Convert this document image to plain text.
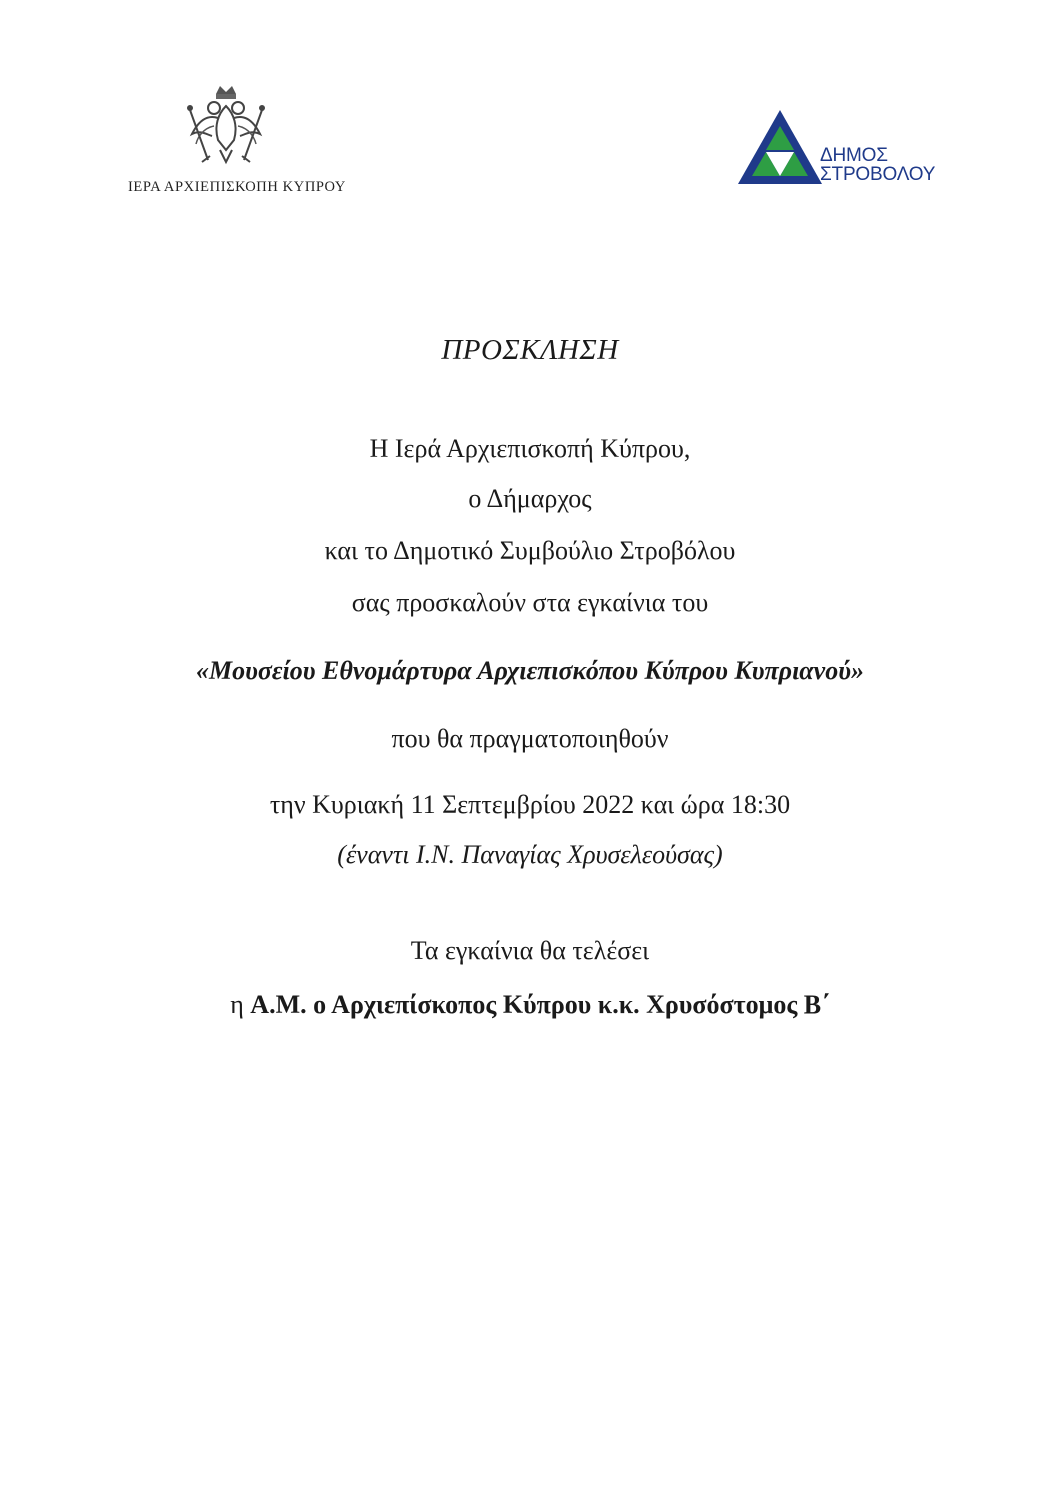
ΙΕΡΑ ΑΡΧΙΕΠΙΣΚΟΠΗ ΚΥΠΡΟΥ
ΔΗΜΟΣ
ΣΤΡΟΒΟΛΟΥ
ΠΡΟΣΚΛΗΣΗ
Η Ιερά Αρχιεπισκοπή Κύπρου,
ο Δήμαρχος
και το Δημοτικό Συμβούλιο Στροβόλου
σας προσκαλούν στα εγκαίνια του
«Μουσείου Εθνομάρτυρα Αρχιεπισκόπου Κύπρου Κυπριανού»
που θα πραγματοποιηθούν
την Κυριακή 11 Σεπτεμβρίου 2022 και ώρα 18:30
(έναντι Ι.Ν. Παναγίας Χρυσελεούσας)
Τα εγκαίνια θα τελέσει
η Α.Μ. ο Αρχιεπίσκοπος Κύπρου κ.κ. Χρυσόστομος Β΄
